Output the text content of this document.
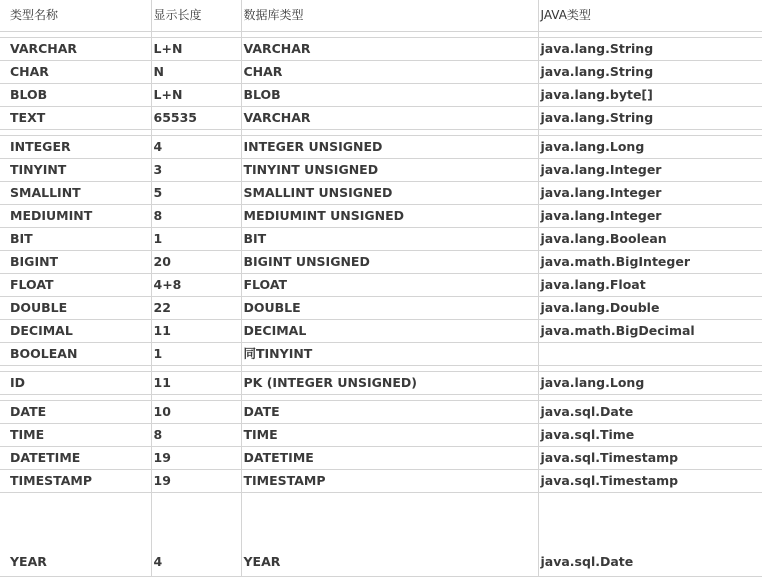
类型名称	显示长度	数据库类型	JAVA类型

VARCHAR	L+N	VARCHAR	java.lang.String
CHAR	N	CHAR	java.lang.String
BLOB	L+N	BLOB	java.lang.byte[]
TEXT	65535	VARCHAR	java.lang.String

INTEGER	4	INTEGER UNSIGNED	java.lang.Long
TINYINT	3	TINYINT UNSIGNED	java.lang.Integer
SMALLINT	5	SMALLINT UNSIGNED	java.lang.Integer
MEDIUMINT	8	MEDIUMINT UNSIGNED	java.lang.Integer
BIT	1	BIT	java.lang.Boolean
BIGINT	20	BIGINT UNSIGNED	java.math.BigInteger
FLOAT	4+8	FLOAT	java.lang.Float
DOUBLE	22	DOUBLE	java.lang.Double
DECIMAL	11	DECIMAL	java.math.BigDecimal
BOOLEAN	1	同TINYINT	

ID	11	PK (INTEGER UNSIGNED)	java.lang.Long

DATE	10	DATE	java.sql.Date
TIME	8	TIME	java.sql.Time
DATETIME	19	DATETIME	java.sql.Timestamp
TIMESTAMP	19	TIMESTAMP	java.sql.Timestamp
YEAR	4	YEAR	java.sql.Date
